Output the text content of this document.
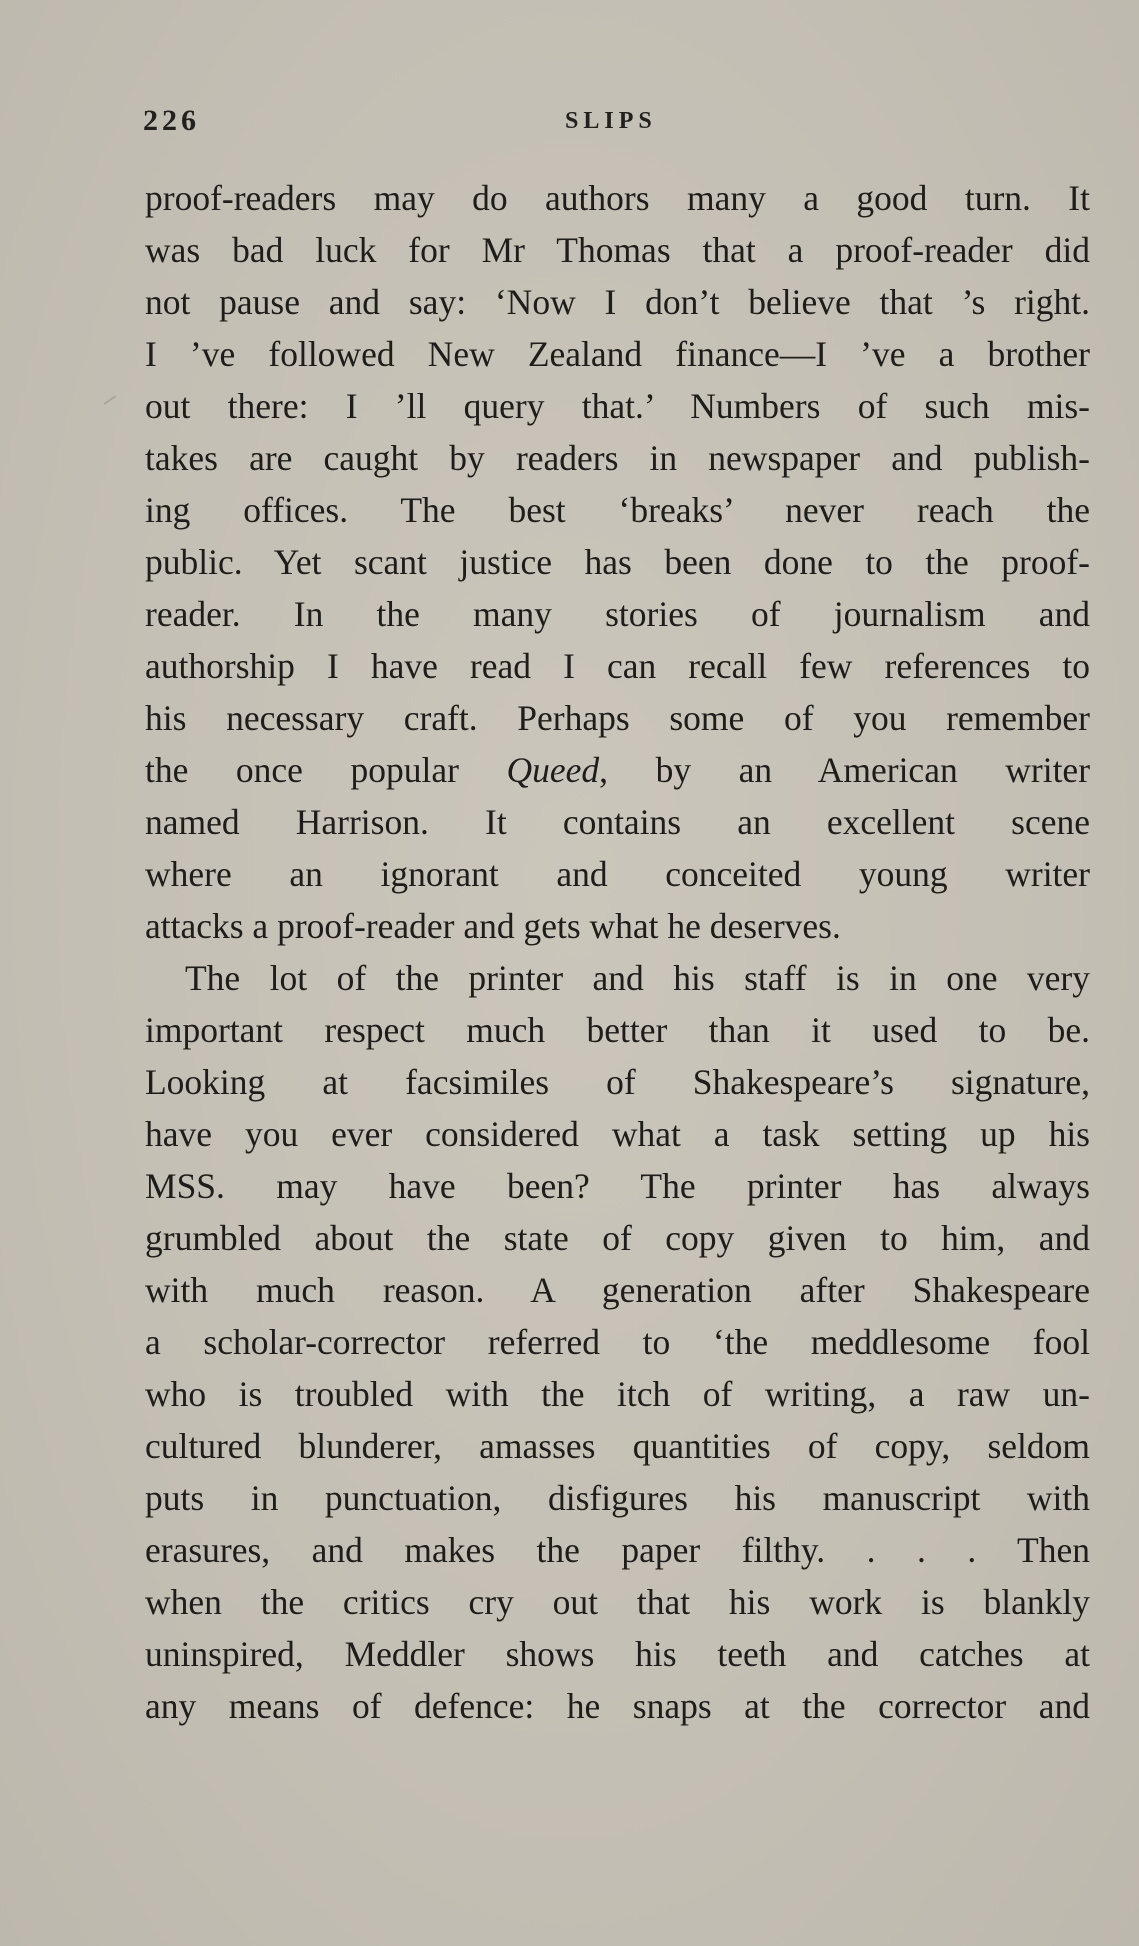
226	SLIPS
proof-readers may do authors many a good turn. It
was bad luck for Mr Thomas that a proof-reader did
not pause and say: ‘Now I don’t believe that ’s right.
I ’ve followed New Zealand finance—I ’ve a brother
out there: I ’ll query that.’ Numbers of such mis-
takes are caught by readers in newspaper and publish-
ing offices. The best ‘breaks’ never reach the
public. Yet scant justice has been done to the proof-
reader. In the many stories of journalism and
authorship I have read I can recall few references to
his necessary craft. Perhaps some of you remember
the once popular Queed, by an American writer
named Harrison. It contains an excellent scene
where an ignorant and conceited young writer
attacks a proof-reader and gets what he deserves.
The lot of the printer and his staff is in one very
important respect much better than it used to be.
Looking at facsimiles of Shakespeare’s signature,
have you ever considered what a task setting up his
MSS. may have been? The printer has always
grumbled about the state of copy given to him, and
with much reason. A generation after Shakespeare
a scholar-corrector referred to ‘the meddlesome fool
who is troubled with the itch of writing, a raw un-
cultured blunderer, amasses quantities of copy, seldom
puts in punctuation, disfigures his manuscript with
erasures, and makes the paper filthy. . . . Then
when the critics cry out that his work is blankly
uninspired, Meddler shows his teeth and catches at
any means of defence: he snaps at the corrector and
